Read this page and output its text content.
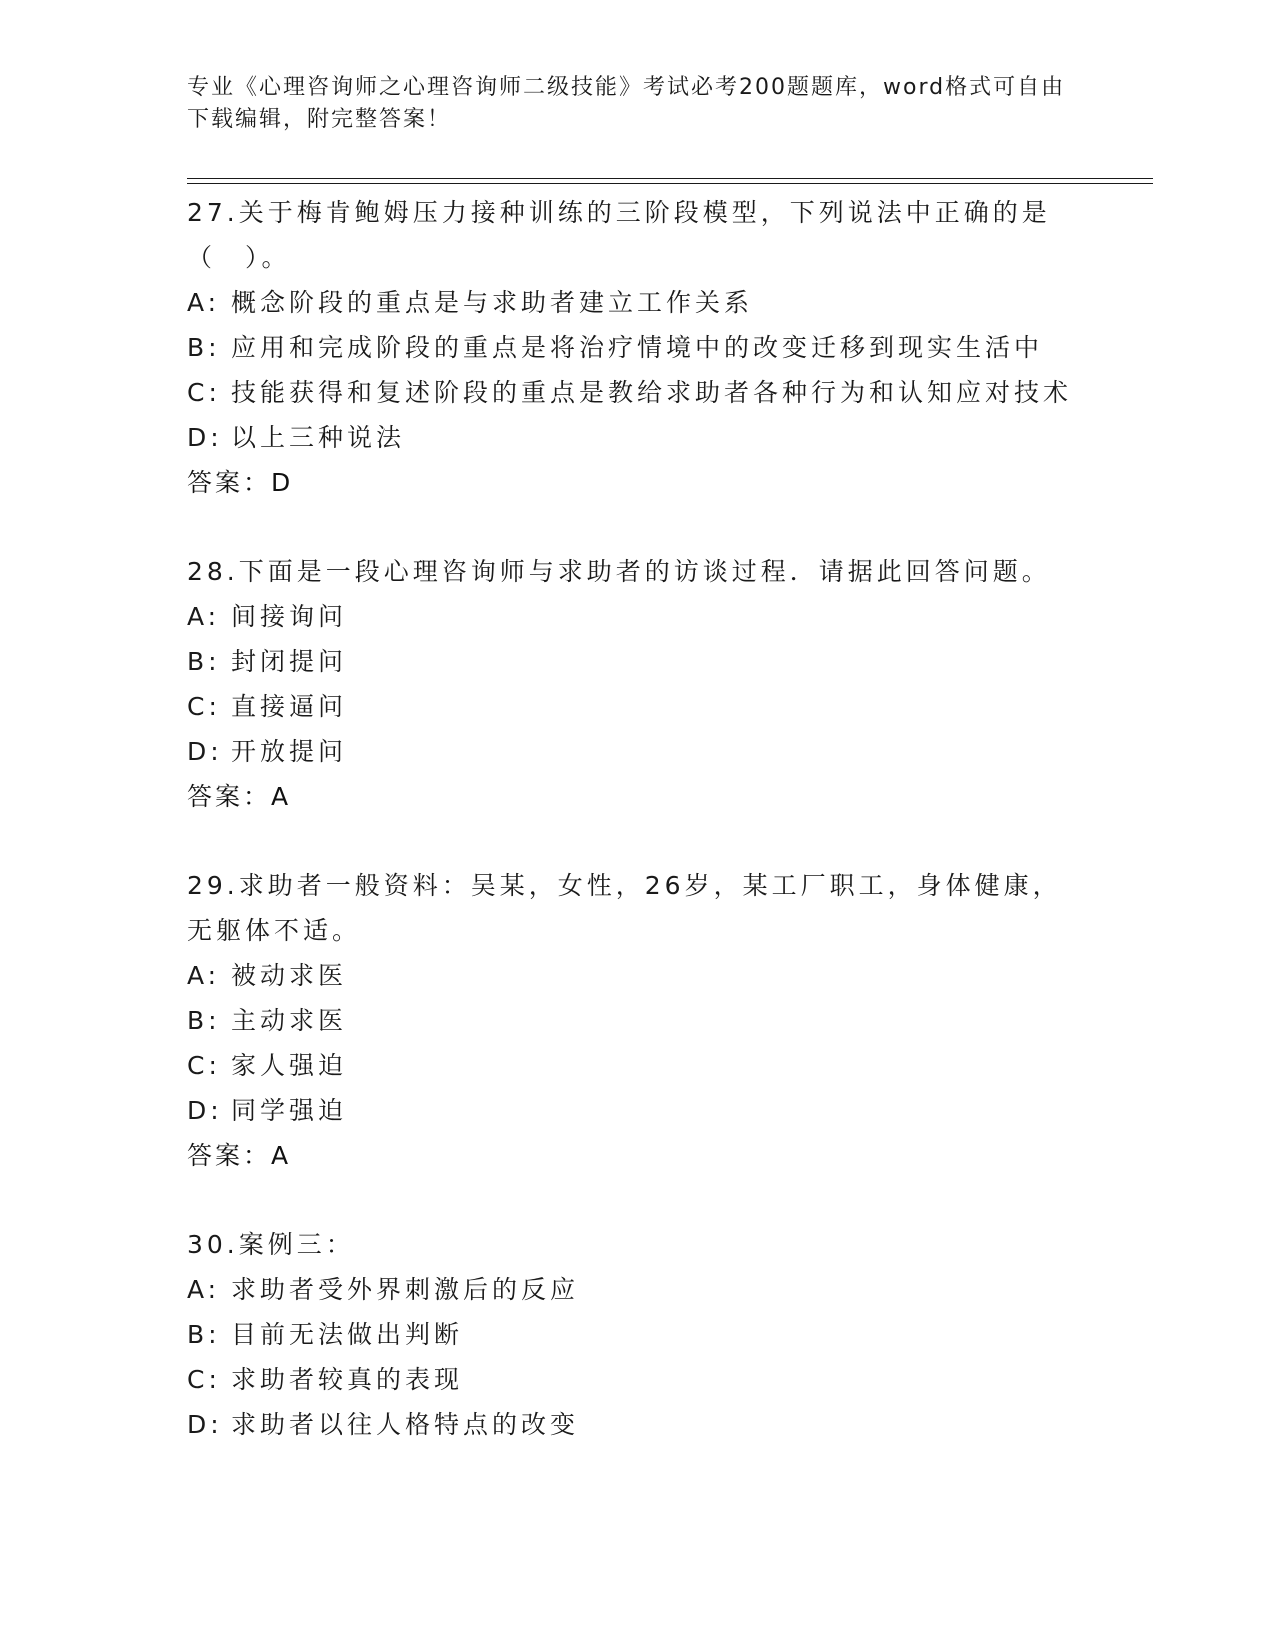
专业《心理咨询师之心理咨询师二级技能》考试必考200题题库，word格式可自由下载编辑，附完整答案！
27.关于梅肯鲍姆压力接种训练的三阶段模型，下列说法中正确的是（　）。
A: 概念阶段的重点是与求助者建立工作关系
B: 应用和完成阶段的重点是将治疗情境中的改变迁移到现实生活中
C: 技能获得和复述阶段的重点是教给求助者各种行为和认知应对技术
D: 以上三种说法
答案：D
28.下面是一段心理咨询师与求助者的访谈过程．请据此回答问题。
A: 间接询问
B: 封闭提问
C: 直接逼问
D: 开放提问
答案：A
29.求助者一般资料：吴某，女性，26岁，某工厂职工，身体健康，无躯体不适。
A: 被动求医
B: 主动求医
C: 家人强迫
D: 同学强迫
答案：A
30.案例三：
A: 求助者受外界刺激后的反应
B: 目前无法做出判断
C: 求助者较真的表现
D: 求助者以往人格特点的改变
